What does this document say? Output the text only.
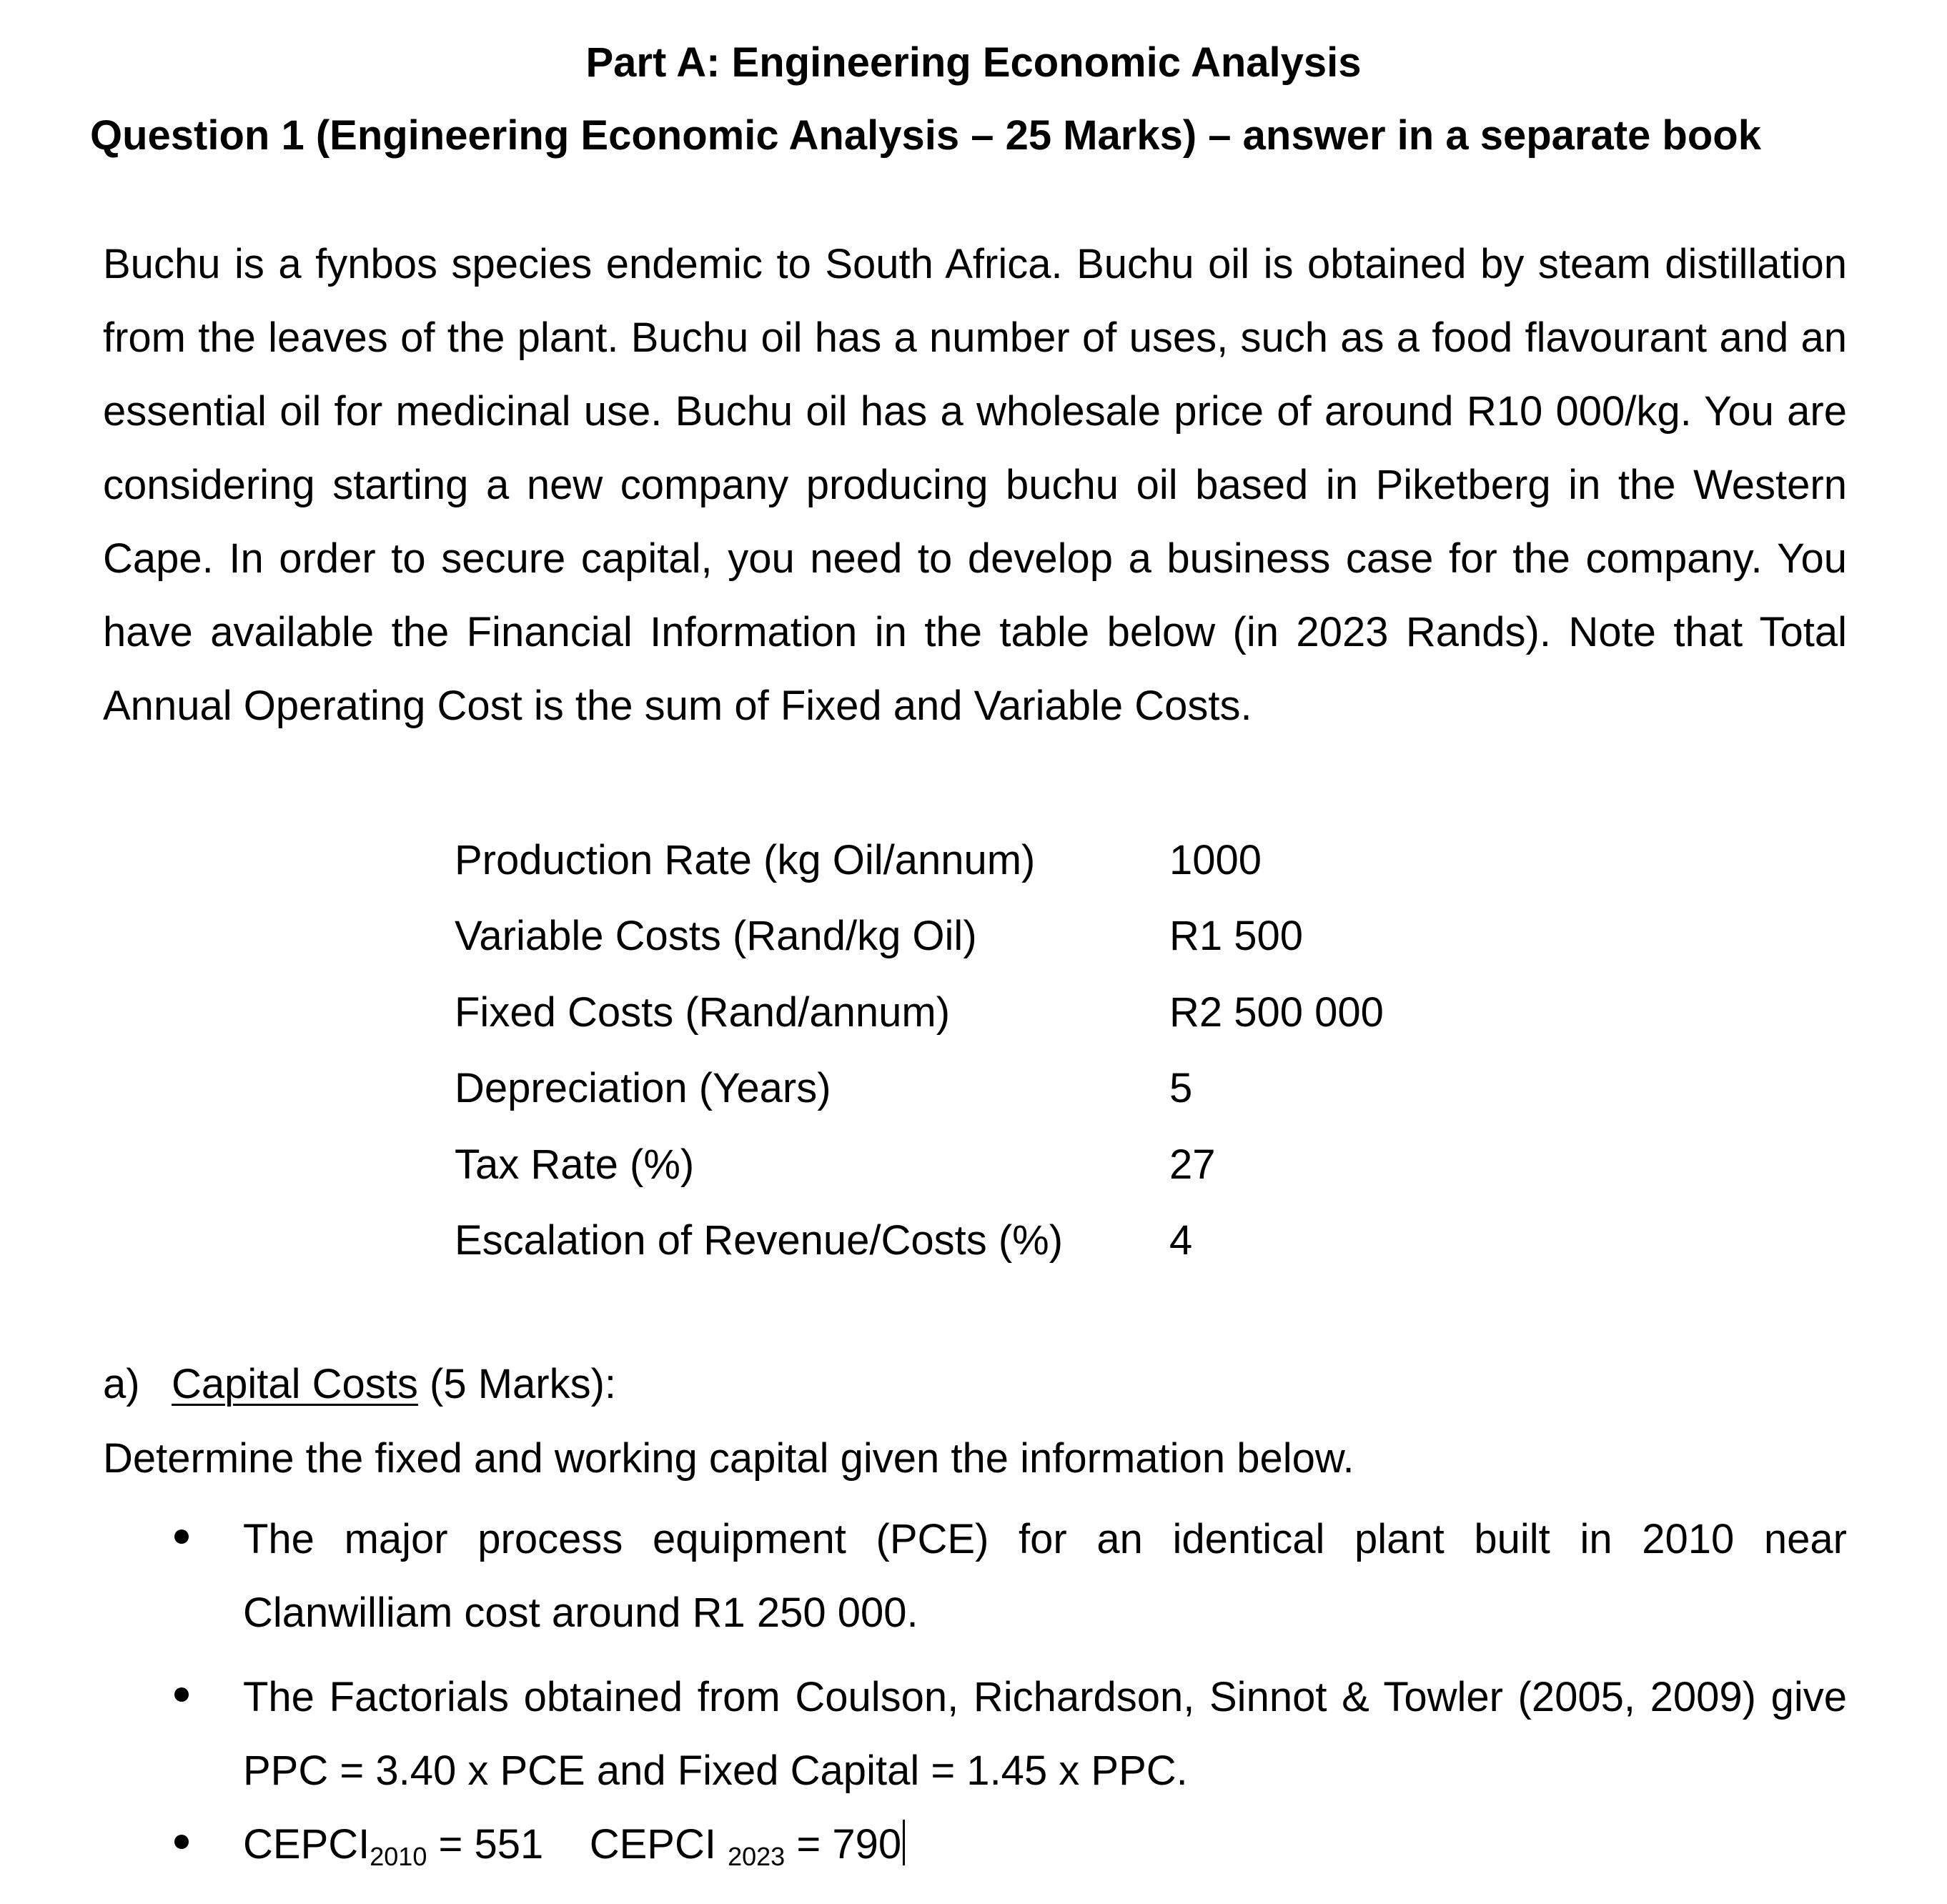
Part A: Engineering Economic Analysis
Question 1 (Engineering Economic Analysis – 25 Marks) – answer in a separate book

Buchu is a fynbos species endemic to South Africa. Buchu oil is obtained by steam distillation from the leaves of the plant. Buchu oil has a number of uses, such as a food flavourant and an essential oil for medicinal use. Buchu oil has a wholesale price of around R10 000/kg. You are considering starting a new company producing buchu oil based in Piketberg in the Western Cape. In order to secure capital, you need to develop a business case for the company. You have available the Financial Information in the table below (in 2023 Rands). Note that Total Annual Operating Cost is the sum of Fixed and Variable Costs.

Production Rate (kg Oil/annum)	1000
Variable Costs (Rand/kg Oil)	R1 500
Fixed Costs (Rand/annum)	R2 500 000
Depreciation (Years)	5
Tax Rate (%)	27
Escalation of Revenue/Costs (%)	4
a) Capital Costs (5 Marks):
Determine the fixed and working capital given the information below.
The major process equipment (PCE) for an identical plant built in 2010 near Clanwilliam cost around R1 250 000.
The Factorials obtained from Coulson, Richardson, Sinnot & Towler (2005, 2009) give PPC = 3.40 x PCE and Fixed Capital = 1.45 x PPC.
CEPCI2010 = 551 CEPCI 2023 = 790
